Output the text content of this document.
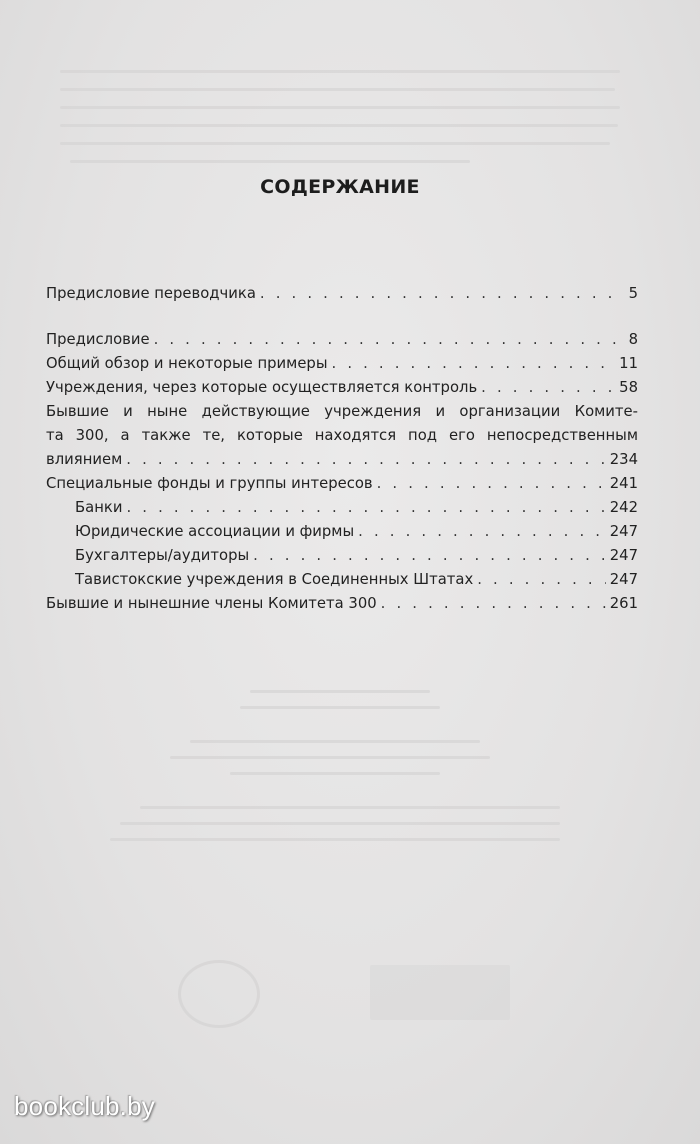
СОДЕРЖАНИЕ
Предисловие переводчика . . .	5
Предисловие . . .	8
Общий обзор и некоторые примеры . . .	11
Учреждения, через которые осуществляется контроль . . .	58
Бывшие и ныне действующие учреждения и организации Комите-
та 300, а также те, которые находятся под его непосредственным
влиянием . . .	234
Специальные фонды и группы интересов . . .	241
Банки . . .	242
Юридические ассоциации и фирмы . . .	247
Бухгалтеры/аудиторы . . .	247
Тавистокские учреждения в Соединенных Штатах . . .	247
Бывшие и нынешние члены Комитета 300 . . .	261
bookclub.by
